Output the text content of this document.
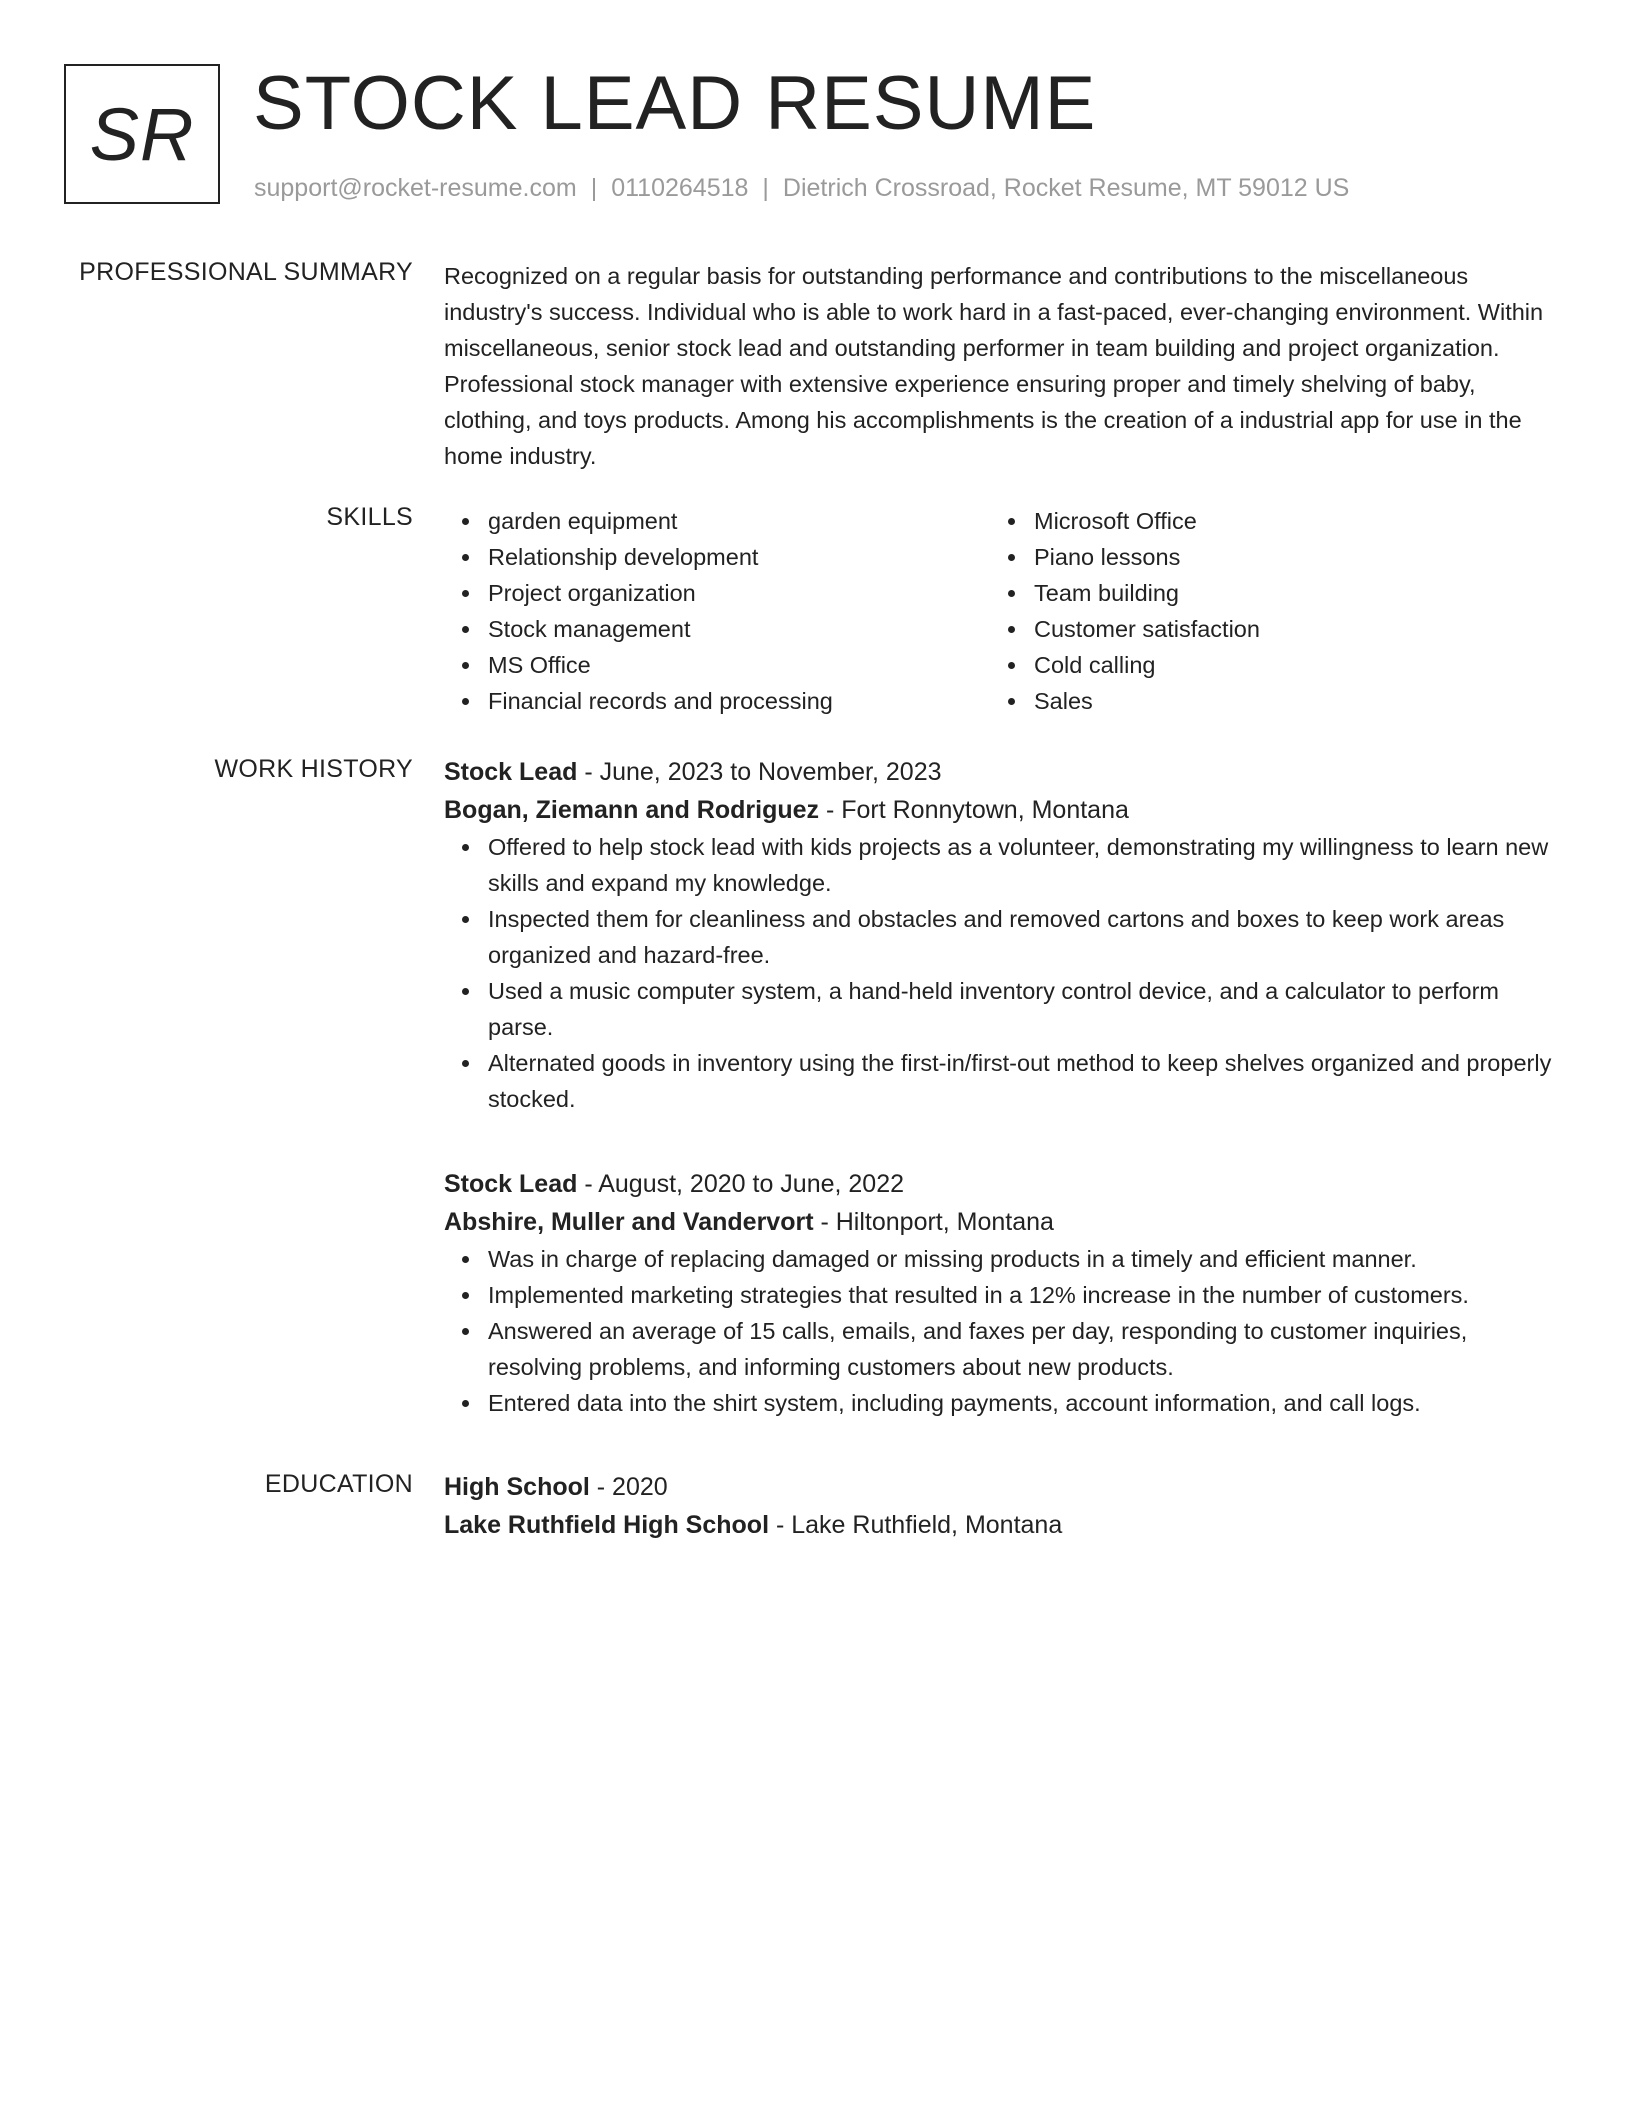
SR STOCK LEAD RESUME
support@rocket-resume.com | 0110264518 | Dietrich Crossroad, Rocket Resume, MT 59012 US
PROFESSIONAL SUMMARY Recognized on a regular basis for outstanding performance and contributions to the miscellaneous industry's success. Individual who is able to work hard in a fast-paced, ever-changing environment. Within miscellaneous, senior stock lead and outstanding performer in team building and project organization. Professional stock manager with extensive experience ensuring proper and timely shelving of baby, clothing, and toys products. Among his accomplishments is the creation of a industrial app for use in the home industry.

SKILLS	garden equipment
Relationship development
Project organization
Stock management
MS Office
Financial records and processing
Microsoft Office
Piano lessons
Team building
Customer satisfaction
Cold calling
Sales
WORK HISTORY Stock Lead - June, 2023 to November, 2023
Bogan, Ziemann and Rodriguez - Fort Ronnytown, Montana
Offered to help stock lead with kids projects as a volunteer, demonstrating my willingness to learn new skills and expand my knowledge.
Inspected them for cleanliness and obstacles and removed cartons and boxes to keep work areas organized and hazard-free.
Used a music computer system, a hand-held inventory control device, and a calculator to perform parse.
Alternated goods in inventory using the first-in/first-out method to keep shelves organized and properly stocked.
Stock Lead - August, 2020 to June, 2022
Abshire, Muller and Vandervort - Hiltonport, Montana
Was in charge of replacing damaged or missing products in a timely and efficient manner.
Implemented marketing strategies that resulted in a 12% increase in the number of customers.
Answered an average of 15 calls, emails, and faxes per day, responding to customer inquiries, resolving problems, and informing customers about new products.
Entered data into the shirt system, including payments, account information, and call logs.
EDUCATION High School - 2020
Lake Ruthfield High School - Lake Ruthfield, Montana
